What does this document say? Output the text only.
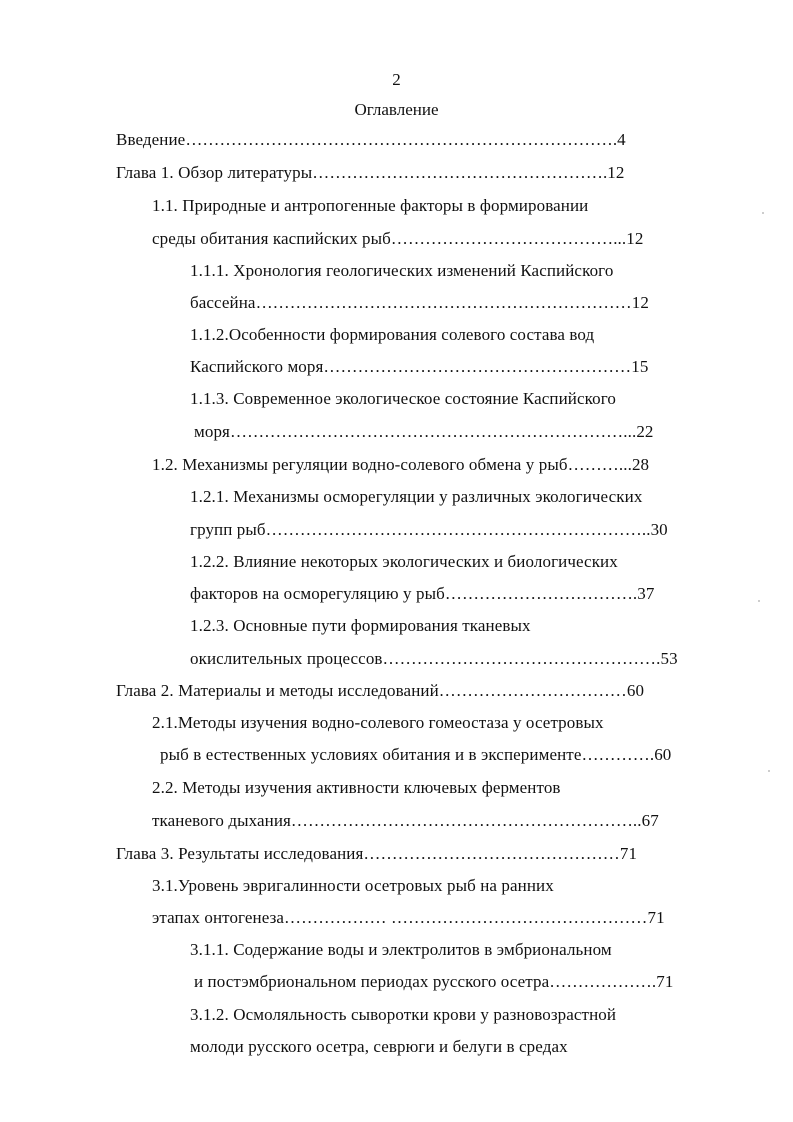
2
Оглавление
Введение………………………………………………………………….4
Глава 1. Обзор литературы…………………………………………….12
1.1. Природные и антропогенные факторы в формировании
среды обитания каспийских рыб…………………………………...12
1.1.1. Хронология геологических изменений Каспийского
бассейна…………………………………………………………12
1.1.2.Особенности формирования солевого состава вод
Каспийского моря………………………………………………15
1.1.3. Современное экологическое состояние Каспийского
моря……………………………………………………………...22
1.2. Механизмы регуляции водно-солевого обмена у рыб………...28
1.2.1. Механизмы осморегуляции у различных экологических
групп рыб…………………………………………………………..30
1.2.2. Влияние некоторых экологических и биологических
факторов на осморегуляцию у рыб…………………………….37
1.2.3. Основные пути формирования тканевых
окислительных процессов………………………………………….53
Глава 2. Материалы и методы исследований……………………………60
2.1.Методы изучения водно-солевого гомеостаза у осетровых
рыб в естественных условиях обитания и в эксперименте………….60
2.2. Методы изучения активности ключевых ферментов
тканевого дыхания……………………………………………………..67
Глава 3. Результаты исследования………………………………………71
3.1.Уровень эвригалинности осетровых рыб на ранних
этапах онтогенеза……………… ………………………………………71
3.1.1. Содержание воды и электролитов в эмбриональном
и постэмбриональном периодах русского осетра……………….71
3.1.2. Осмоляльность сыворотки крови у разновозрастной
молоди русского осетра, севрюги и белуги в средах
